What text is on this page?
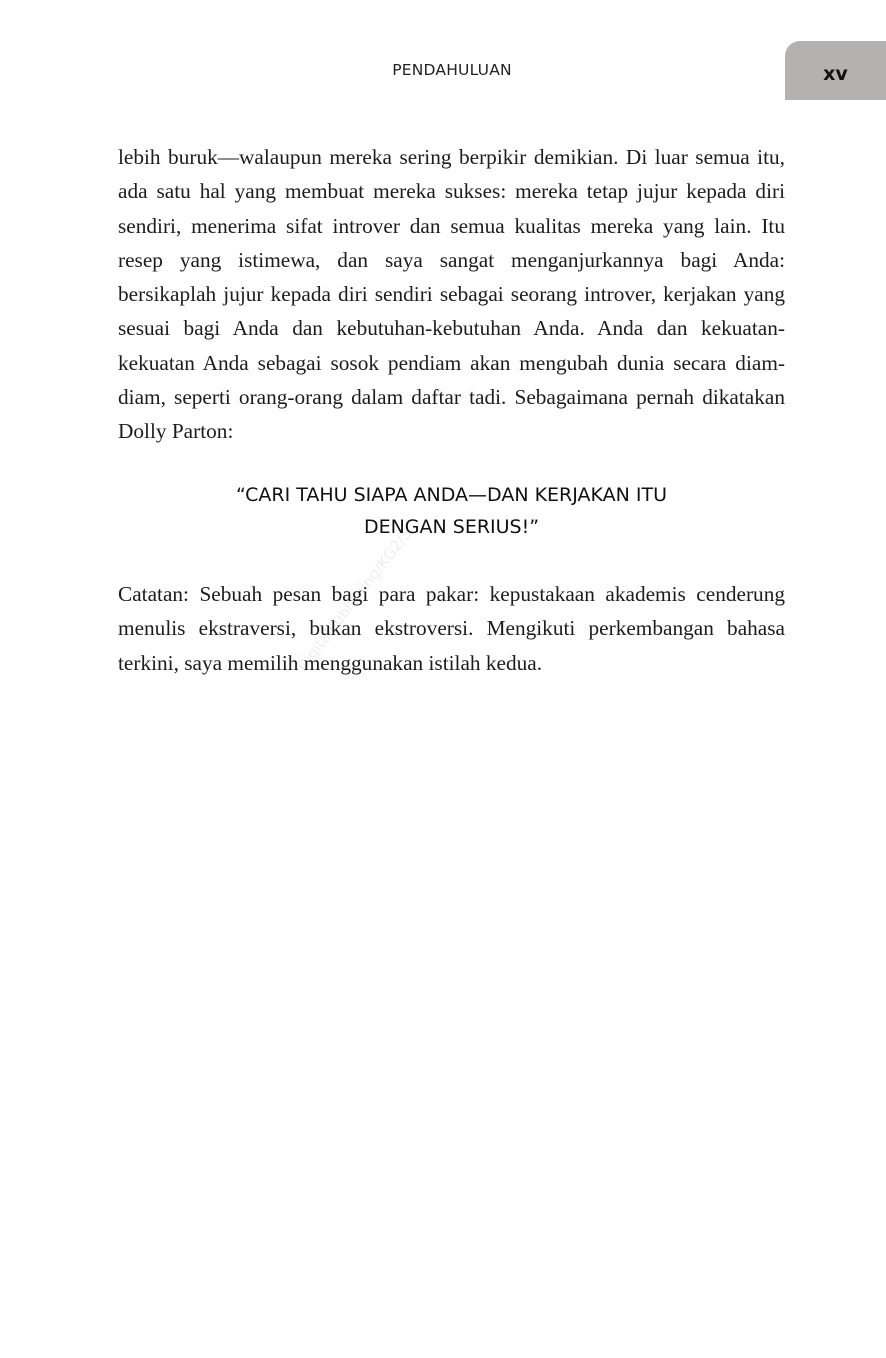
PENDAHULUAN	xv

lebih buruk—walaupun mereka sering berpikir demikian. Di luar semua itu, ada satu hal yang membuat mereka sukses: mereka tetap jujur kepada diri sendiri, menerima sifat introver dan semua kualitas mereka yang lain. Itu resep yang istimewa, dan saya sangat menganjurkannya bagi Anda: bersikaplah jujur kepada diri sendiri sebagai seorang introver, kerjakan yang sesuai bagi Anda dan kebutuhan-kebutuhan Anda. Anda dan kekuatan-kekuatan Anda sebagai sosok pendiam akan mengubah dunia secara diam-diam, seperti orang-orang dalam daftar tadi. Sebagaimana pernah dikatakan Dolly Parton:

“CARI TAHU SIAPA ANDA—DAN KERJAKAN ITU
DENGAN SERIUS!”

Catatan: Sebuah pesan bagi para pakar: kepustakaan akademis cenderung menulis ekstraversi, bukan ekstroversi. Mengikuti perkembangan bahasa terkini, saya memilih menggunakan istilah kedua.

DigitalPublishing/KG2/S
